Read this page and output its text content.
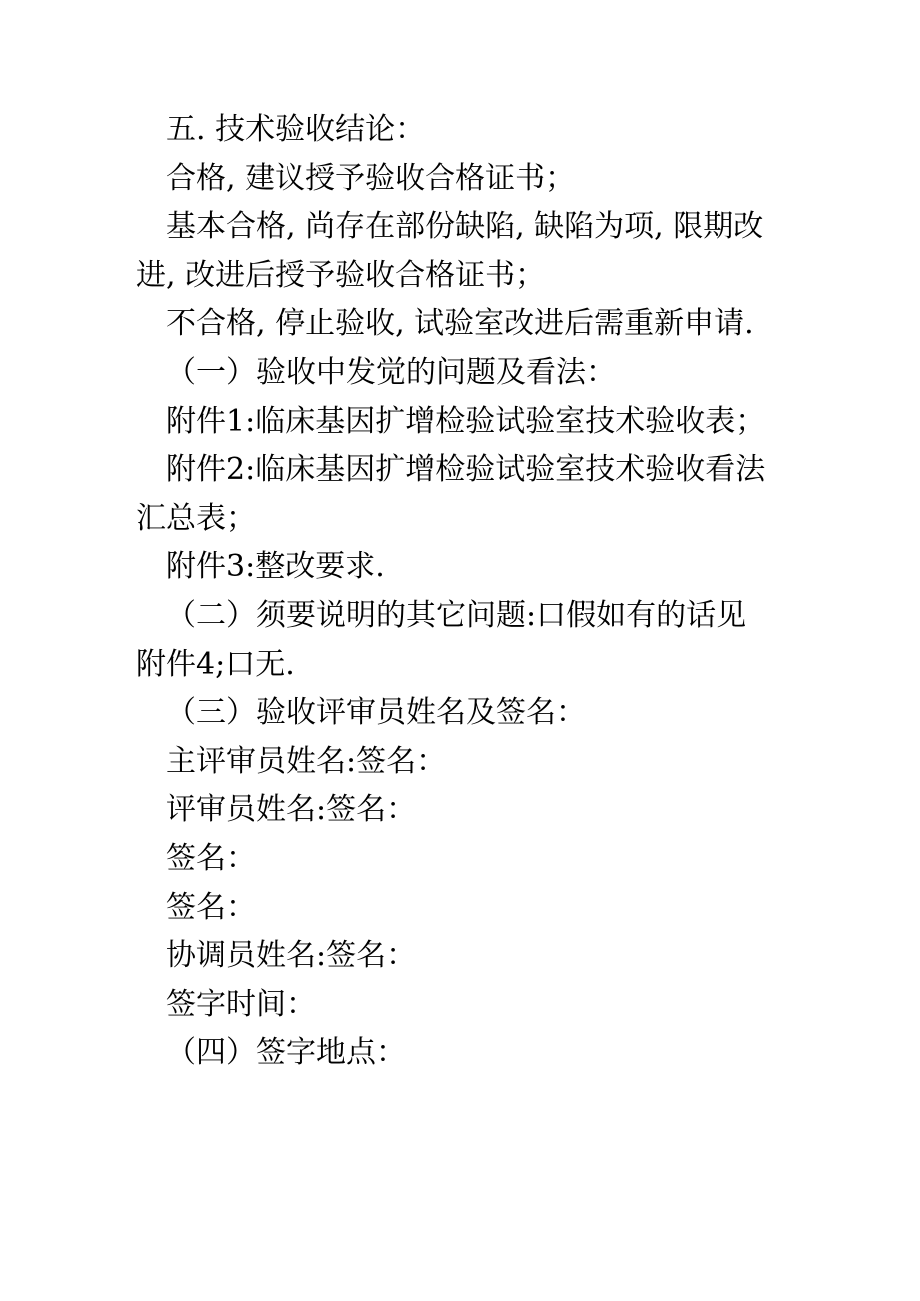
五. 技术验收结论：

合格, 建议授予验收合格证书；

基本合格, 尚存在部份缺陷, 缺陷为项, 限期改进, 改进后授予验收合格证书；

不合格, 停止验收, 试验室改进后需重新申请.

（一）验收中发觉的问题及看法：

附件1:临床基因扩增检验试验室技术验收表；

附件2:临床基因扩增检验试验室技术验收看法汇总表；

附件3:整改要求.

（二）须要说明的其它问题:口假如有的话见附件4;口无.

（三）验收评审员姓名及签名：

主评审员姓名:签名：

评审员姓名:签名：

签名：

签名：

协调员姓名:签名：

签字时间：

（四）签字地点：
